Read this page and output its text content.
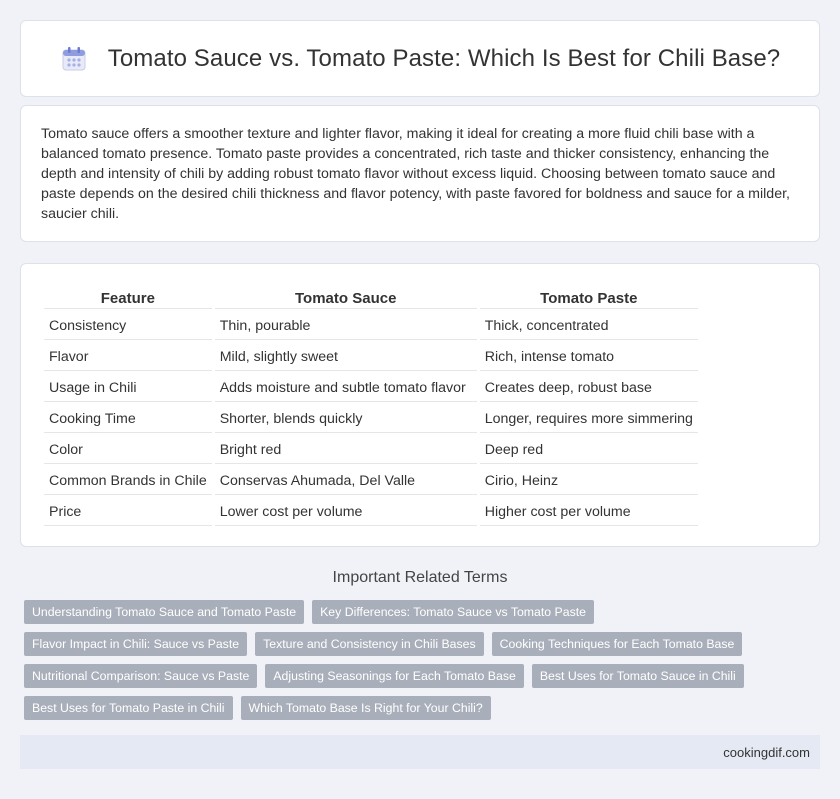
Tomato Sauce vs. Tomato Paste: Which Is Best for Chili Base?

Tomato sauce offers a smoother texture and lighter flavor, making it ideal for creating a more fluid chili base with a balanced tomato presence. Tomato paste provides a concentrated, rich taste and thicker consistency, enhancing the depth and intensity of chili by adding robust tomato flavor without excess liquid. Choosing between tomato sauce and paste depends on the desired chili thickness and flavor potency, with paste favored for boldness and sauce for a milder, saucier chili.

Feature	Tomato Sauce	Tomato Paste
Consistency	Thin, pourable	Thick, concentrated
Flavor	Mild, slightly sweet	Rich, intense tomato
Usage in Chili	Adds moisture and subtle tomato flavor	Creates deep, robust base
Cooking Time	Shorter, blends quickly	Longer, requires more simmering
Color	Bright red	Deep red
Common Brands in Chile	Conservas Ahumada, Del Valle	Cirio, Heinz
Price	Lower cost per volume	Higher cost per volume
Important Related Terms
Understanding Tomato Sauce and Tomato Paste	Key Differences: Tomato Sauce vs Tomato Paste
Flavor Impact in Chili: Sauce vs Paste	Texture and Consistency in Chili Bases	Cooking Techniques for Each Tomato Base
Nutritional Comparison: Sauce vs Paste	Adjusting Seasonings for Each Tomato Base	Best Uses for Tomato Sauce in Chili
Best Uses for Tomato Paste in Chili	Which Tomato Base Is Right for Your Chili?
cookingdif.com
